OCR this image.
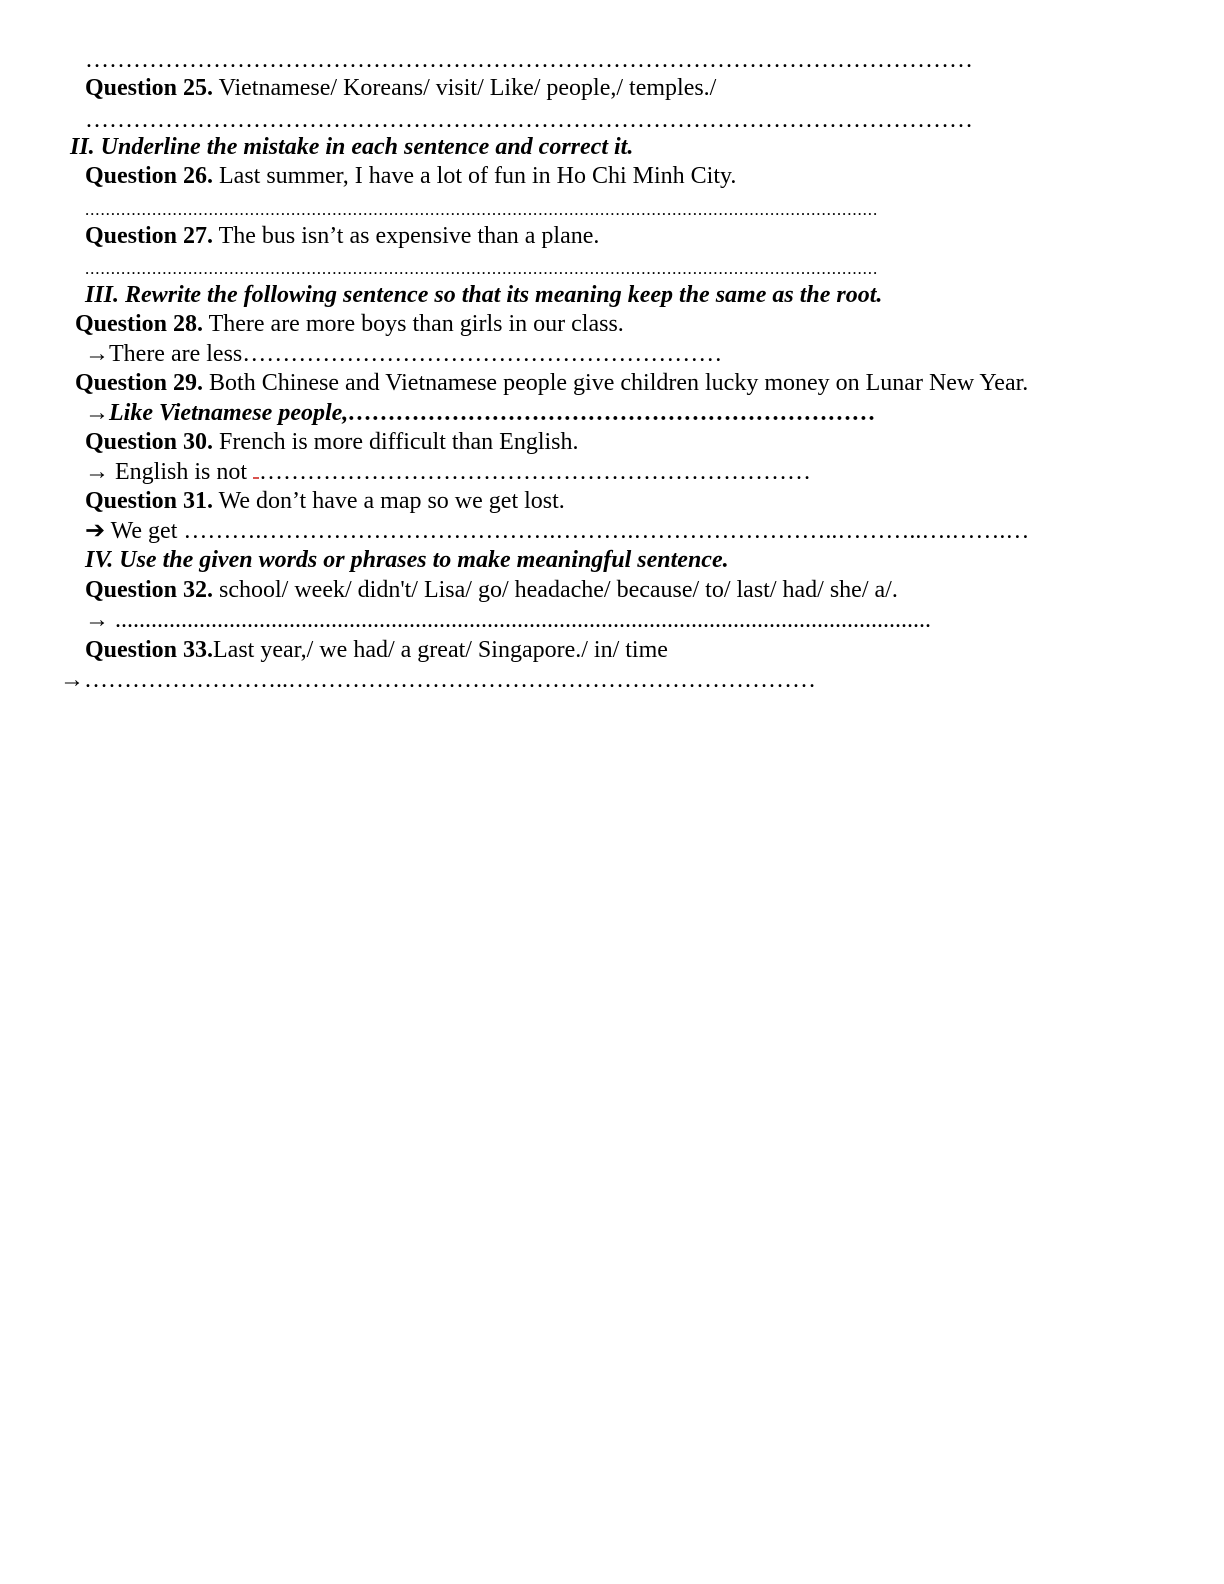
…………………………………………………………………………………………………
Question 25. Vietnamese/ Koreans/ visit/ Like/ people,/ temples./
…………………………………………………………………………………………………
II. Underline the mistake in each sentence and correct it.
Question 26. Last summer, I have a lot of fun in Ho Chi Minh City.
..........................................................................................................................................................
Question 27. The bus isn’t as expensive than a plane.
..........................................................................................................................................................
III. Rewrite the following sentence so that its meaning keep the same as the root.
Question 28. There are more boys than girls in our class.
→There are less……………………………………………………
Question 29. Both Chinese and Vietnamese people give children lucky money on Lunar New Year.
→Like Vietnamese people,…………………………………………………………
Question 30. French is more difficult than English.
→ English is not ……………………………………………………………
Question 31. We don’t have a map so we get lost.
➔ We get ……….……………………………….……….……………………..………..….…….…
IV. Use the given words or phrases to make meaningful sentence.
Question 32. school/ week/ didn't/ Lisa/ go/ headache/ because/ to/ last/ had/ she/ a/.
→ ........................................................................................................................................
Question 33.Last year,/ we had/ a great/ Singapore./ in/ time
→……………………..…………………………………………………………
